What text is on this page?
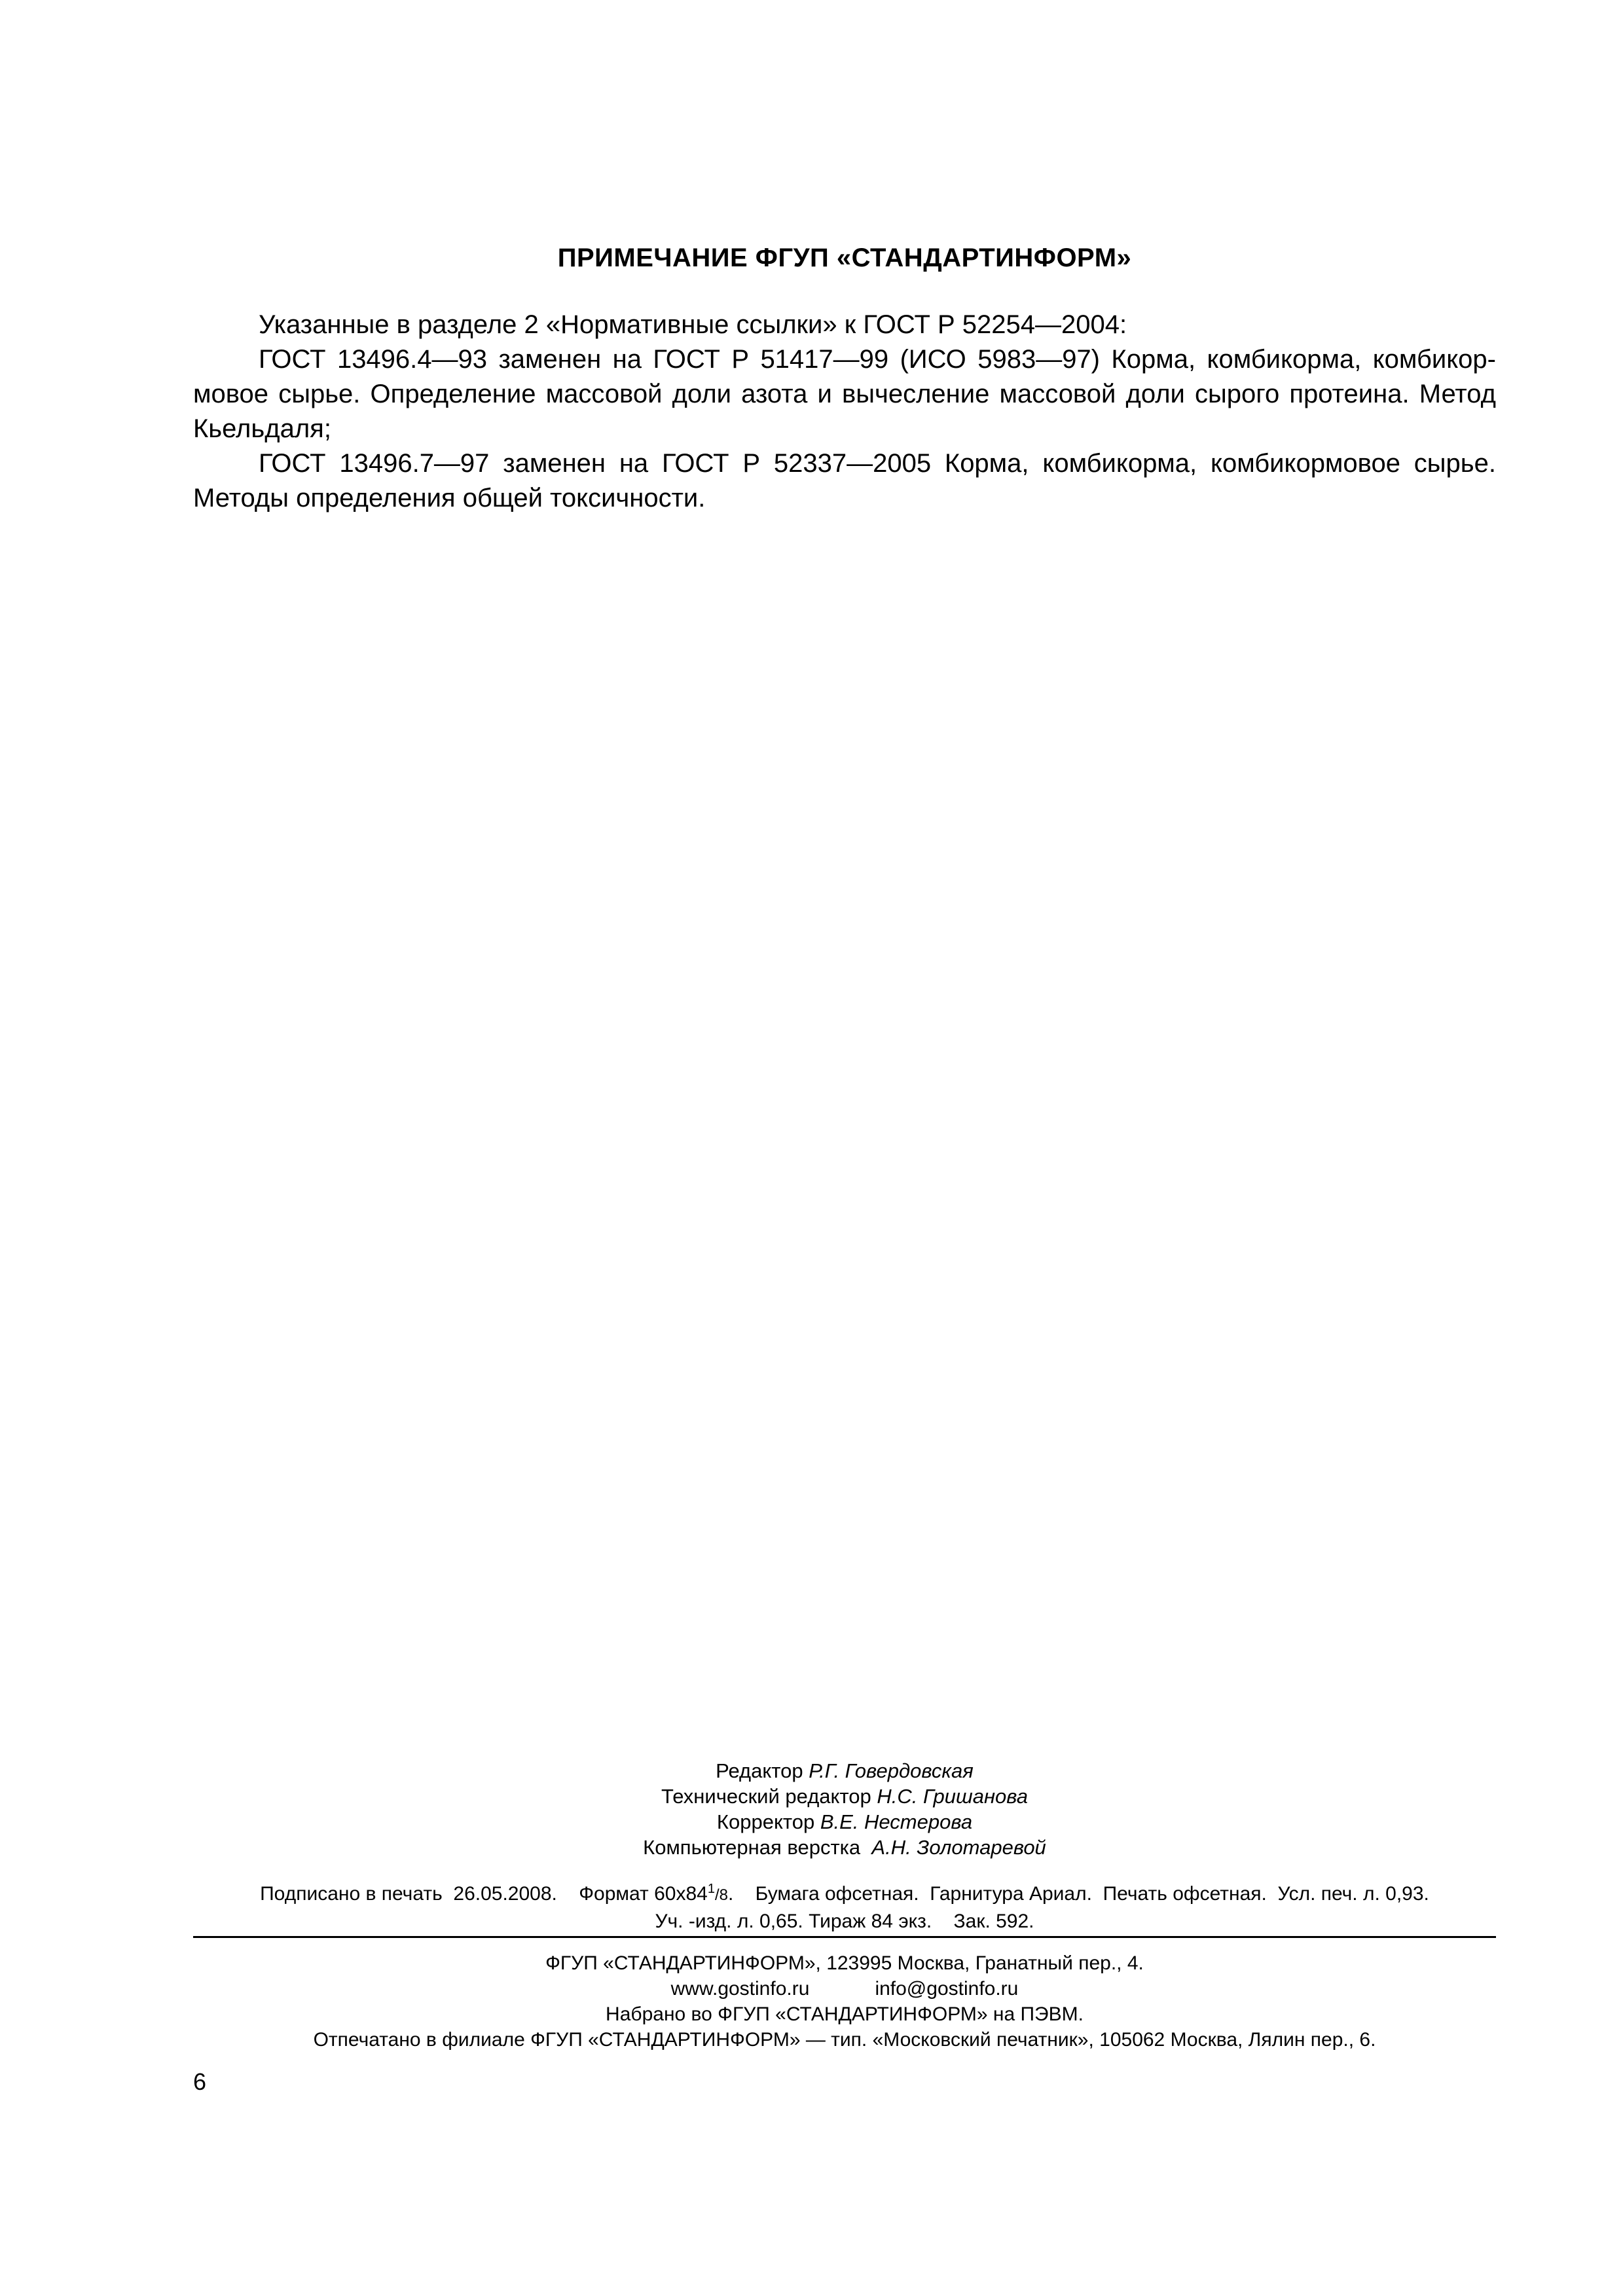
ПРИМЕЧАНИЕ ФГУП «СТАНДАРТИНФОРМ»

Указанные в разделе 2 «Нормативные ссылки» к ГОСТ Р 52254—2004:

ГОСТ 13496.4—93 заменен на ГОСТ Р 51417—99 (ИСО 5983—97) Корма, комбикорма, комбикормовое сырье. Определение массовой доли азота и вычесление массовой доли сырого протеина. Метод Кьельдаля;

ГОСТ 13496.7—97 заменен на ГОСТ Р 52337—2005 Корма, комбикорма, комбикормовое сырье. Методы определения общей токсичности.

Редактор Р.Г. Говердовская
Технический редактор Н.С. Гришанова
Корректор В.Е. Нестерова
Компьютерная верстка А.Н. Золотаревой
Подписано в печать  26.05.2008.    Формат $60х84^1/8$.    Бумага офсетная.  Гарнитура Ариал.  Печать офсетная.  Усл. печ. л. 0,93.
Уч. -изд. л. 0,65. Тираж 84 экз.    Зак. 592.
ФГУП «СТАНДАРТИНФОРМ», 123995 Москва, Гранатный пер., 4.
www.gostinfo.ru	info@gostinfo.ru
Набрано во ФГУП «СТАНДАРТИНФОРМ» на ПЭВМ.
Отпечатано в филиале ФГУП «СТАНДАРТИНФОРМ» — тип. «Московский печатник», 105062 Москва, Лялин пер., 6.
6
